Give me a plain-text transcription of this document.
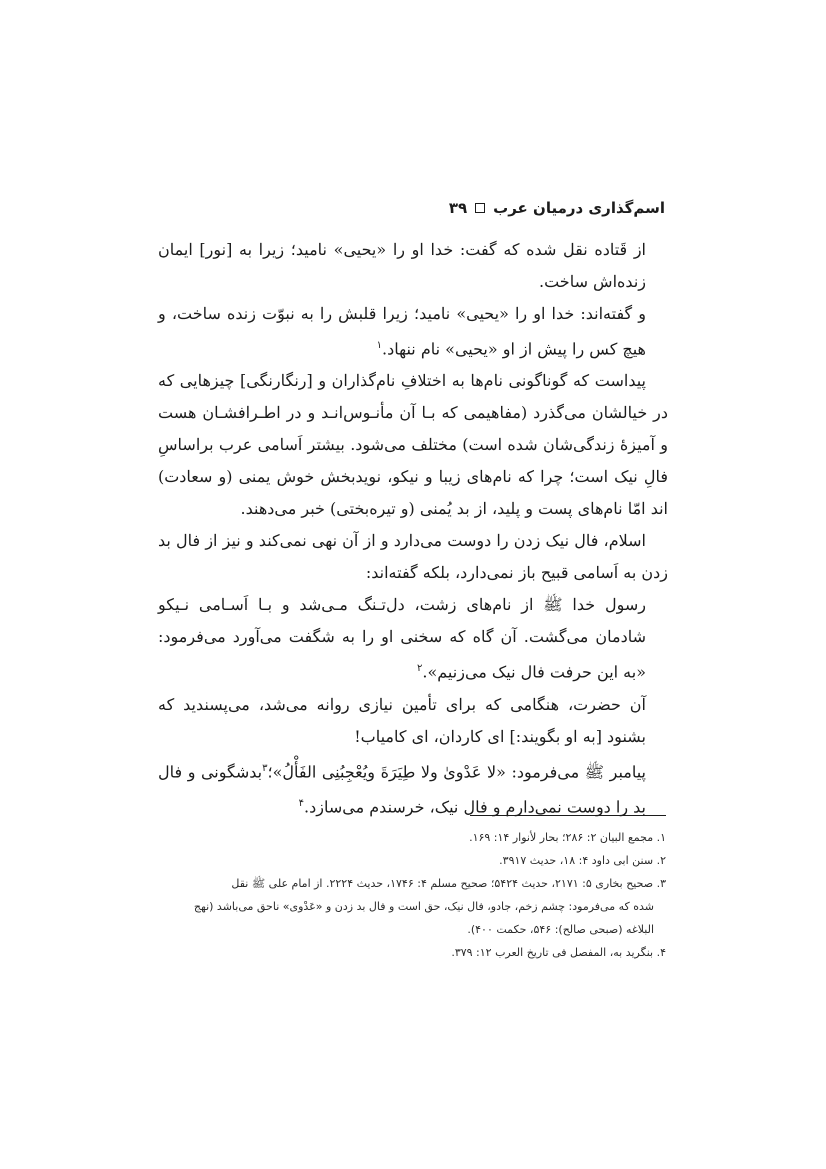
اسم‌گذاری درمیان عرب
۳۹

از قَتاده نقل شده که گفت: خدا او را «یحیی» نامید؛ زیرا به [نور] ایمان زنده‌اش ساخت.

و گفته‌اند: خدا او را «یحیی» نامید؛ زیرا قلبش را به نبوّت زنده ساخت، و هیچ کس را پیش از او «یحیی» نام ننهاد.$^۱$

پیداست که گوناگونی نام‌ها به اختلافِ نام‌گذاران و [رنگارنگی] چیزهایی که در خیالشان می‌گذرد (مفاهیمی که بـا آن مأنـوس‌انـد و در اطـرافشـان هست و آمیزهٔ زندگی‌شان شده است) مختلف می‌شود. بیشتر اَسامی عرب براساسِ فالِ نیک است؛ چرا که نام‌های زیبا و نیکو، نویدبخش خوش یمنی (و سعادت) اند امّا نام‌های پست و پلید، از بد یُمنی (و تیره‌بختی) خبر می‌دهند.

اسلام، فال نیک زدن را دوست می‌دارد و از آن نهی نمی‌کند و نیز از فال بد زدن به اَسامی قبیح باز نمی‌دارد، بلکه گفته‌اند:

رسول خدا ﷺ از نام‌های زشت، دل‌تـنگ مـی‌شد و بـا اَسـامی نـیکو شادمان می‌گشت. آن گاه که سخنی او را به شگفت می‌آورد می‌فرمود: «به این حرفت فال نیک می‌زنیم».$^۲$

آن حضرت، هنگامی که برای تأمین نیازی روانه می‌شد، می‌پسندید که بشنود [به او بگویند:] ای کاردان، ای کامیاب!

پیامبر ﷺ می‌فرمود: «لا عَدْویٰ ولا طِیَرَةَ ویُعْجِبُنِی الفَأْلُ»؛$^۳$بدشگونی و فال بد را دوست نمی‌دارم و فال نیک، خرسندم می‌سازد.$^۴$

۱. مجمع البیان ۲: ۲۸۶؛ بحار لأنوار ۱۴: ۱۶۹.

۲. سنن ابی داود ۴: ۱۸، حدیث ۳۹۱۷.

۳. صحیح بخاری ۵: ۲۱۷۱، حدیث ۵۴۲۴؛ صحیح مسلم ۴: ۱۷۴۶، حدیث ۲۲۲۴. از امام علی ﷺ نقل

شده که می‌فرمود: چشم زخم، جادو، فال نیک، حق است و فال بد زدن و «عَدْوی» ناحق می‌باشد (نهج

البلاغه (صبحی صالح): ۵۴۶، حکمت ۴۰۰).

۴. بنگرید به، المفصل فی تاریخ العرب ۱۲: ۳۷۹.
